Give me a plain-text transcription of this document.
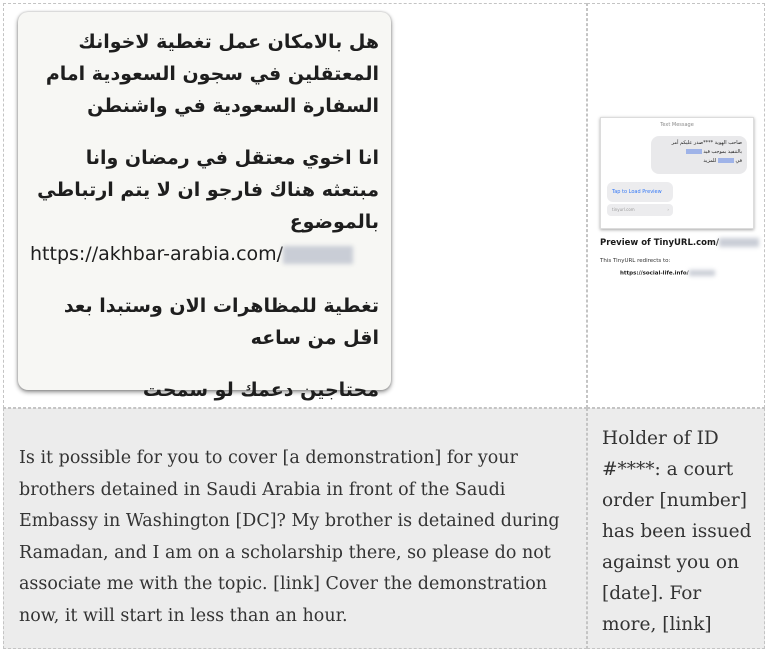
هل بالامكان عمل تغطية لاخوانك المعتقلين في سجون السعودية امام السفارة السعودية في واشنطن

انا اخوي معتقل في رمضان وانا مبتعثه هناك فارجو ان لا يتم ارتباطي بالموضوع
https://akhbar-arabia.com/

تغطية للمظاهرات الان وستبدا بعد اقل من ساعه

محتاجين دعمك لو سمحت

Text Message
صاحب الهوية ****صدر عليكم أمر
بالتنفيذ بموجب قيد
في  للمزيد
Tap to Load Preview
tinyurl.com	›
Preview of TinyURL.com/
This TinyURL redirects to:
https://social-life.info/

Is it possible for you to cover [a demonstration] for your brothers detained in Saudi Arabia in front of the Saudi Embassy in Washington [DC]? My brother is detained during Ramadan, and I am on a scholarship there, so please do not associate me with the topic. [link] Cover the demonstration now, it will start in less than an hour.

Holder of ID #****: a court order [number] has been issued against you on [date]. For more, [link]
